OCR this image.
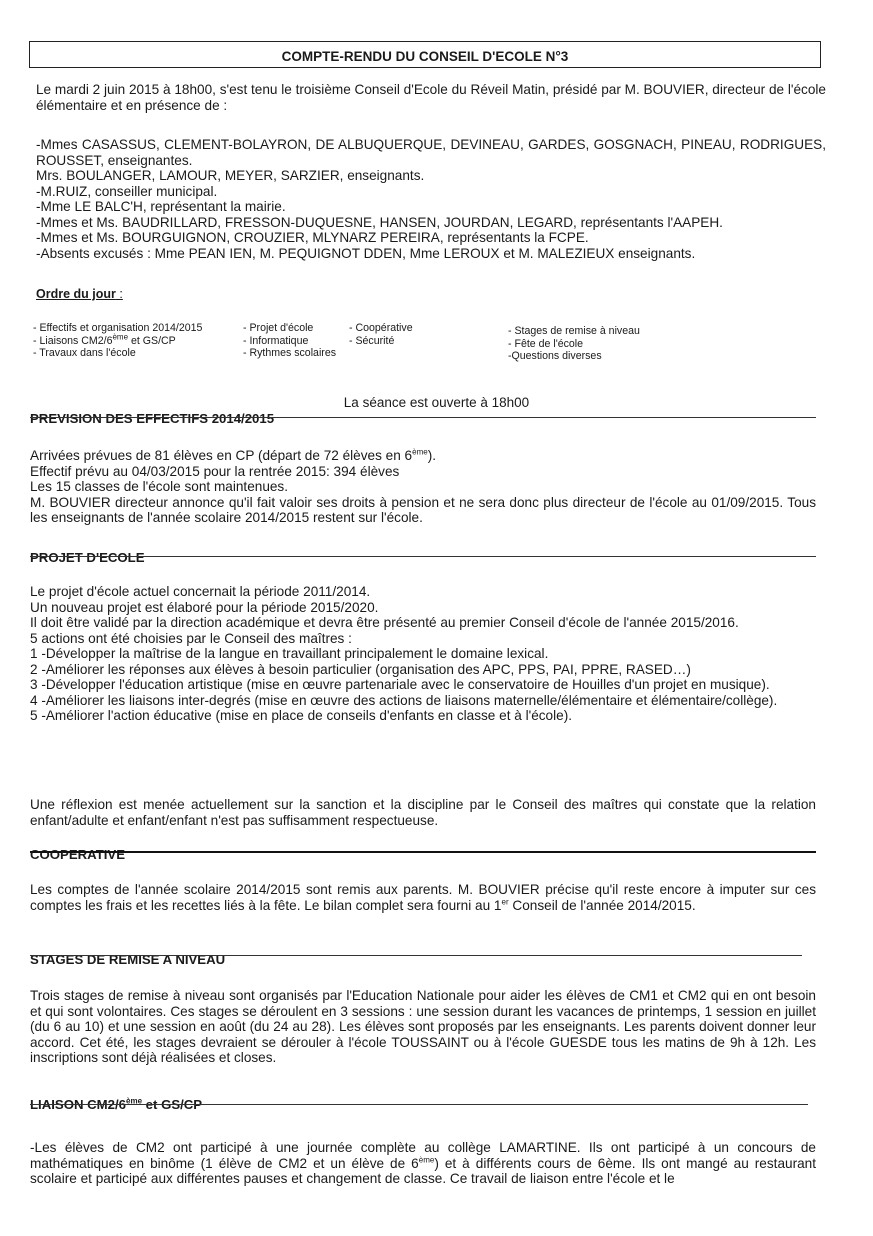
COMPTE-RENDU DU CONSEIL D'ECOLE N°3

Le mardi 2 juin 2015 à 18h00, s'est tenu le troisième Conseil d'Ecole du Réveil Matin, présidé par M. BOUVIER, directeur de l'école élémentaire et en présence de :

-Mmes CASASSUS, CLEMENT-BOLAYRON, DE ALBUQUERQUE, DEVINEAU, GARDES, GOSGNACH, PINEAU, RODRIGUES, ROUSSET, enseignantes.

Mrs. BOULANGER, LAMOUR, MEYER, SARZIER, enseignants.

-M.RUIZ, conseiller municipal.

-Mme LE BALC'H, représentant la mairie.

-Mmes et Ms. BAUDRILLARD, FRESSON-DUQUESNE, HANSEN, JOURDAN, LEGARD, représentants l'AAPEH.

-Mmes et Ms. BOURGUIGNON, CROUZIER, MLYNARZ PEREIRA, représentants la FCPE.

-Absents excusés : Mme PEAN IEN, M. PEQUIGNOT DDEN, Mme LEROUX et M. MALEZIEUX enseignants.

Ordre du jour :
- Effectifs et organisation 2014/2015
- Liaisons CM2/6ème et GS/CP
- Travaux dans l'école
- Projet d'école
- Informatique
- Rythmes scolaires
- Coopérative
- Sécurité
- Stages de remise à niveau
- Fête de l'école
-Questions diverses
La séance est ouverte à 18h00
PREVISION DES EFFECTIFS 2014/2015

Arrivées prévues de 81 élèves en CP (départ de 72 élèves en 6ème).

Effectif prévu au 04/03/2015 pour la rentrée 2015: 394 élèves

Les 15 classes de l'école sont maintenues.

M. BOUVIER directeur annonce qu'il fait valoir ses droits à pension et ne sera donc plus directeur de l'école au 01/09/2015. Tous les enseignants de l'année scolaire 2014/2015 restent sur l'école.

PROJET D'ECOLE

Le projet d'école actuel concernait la période 2011/2014.

Un nouveau projet est élaboré pour la période 2015/2020.

Il doit être validé par la direction académique et devra être présenté au premier Conseil d'école de l'année 2015/2016.

5 actions ont été choisies par le Conseil des maîtres :

1 -Développer la maîtrise de la langue en travaillant principalement le domaine lexical.

2 -Améliorer les réponses aux élèves à besoin particulier (organisation des APC, PPS, PAI, PPRE, RASED…)

3 -Développer l'éducation artistique (mise en œuvre partenariale avec le conservatoire de Houilles d'un projet en musique).

4 -Améliorer les liaisons inter-degrés (mise en œuvre des actions de liaisons maternelle/élémentaire et élémentaire/collège).

5 -Améliorer l'action éducative (mise en place de conseils d'enfants en classe et à l'école).

Une réflexion est menée actuellement sur la sanction et la discipline par le Conseil des maîtres qui constate que la relation enfant/adulte et enfant/enfant n'est pas suffisamment respectueuse.

COOPERATIVE

Les comptes de l'année scolaire 2014/2015 sont remis aux parents. M. BOUVIER précise qu'il reste encore à imputer sur ces comptes les frais et les recettes liés à la fête. Le bilan complet sera fourni au 1er Conseil de l'année 2014/2015.

STAGES DE REMISE A NIVEAU

Trois stages de remise à niveau sont organisés par l'Education Nationale pour aider les élèves de CM1 et CM2 qui en ont besoin et qui sont volontaires. Ces stages se déroulent en 3 sessions : une session durant les vacances de printemps, 1 session en juillet (du 6 au 10) et une session en août (du 24 au 28). Les élèves sont proposés par les enseignants. Les parents doivent donner leur accord. Cet été, les stages devraient se dérouler à l'école TOUSSAINT ou à l'école GUESDE tous les matins de 9h à 12h. Les inscriptions sont déjà réalisées et closes.

LIAISON CM2/6ème et GS/CP

-Les élèves de CM2 ont participé à une journée complète au collège LAMARTINE. Ils ont participé à un concours de mathématiques en binôme (1 élève de CM2 et un élève de 6ème) et à différents cours de 6ème. Ils ont mangé au restaurant scolaire et participé aux différentes pauses et changement de classe. Ce travail de liaison entre l'école et le
